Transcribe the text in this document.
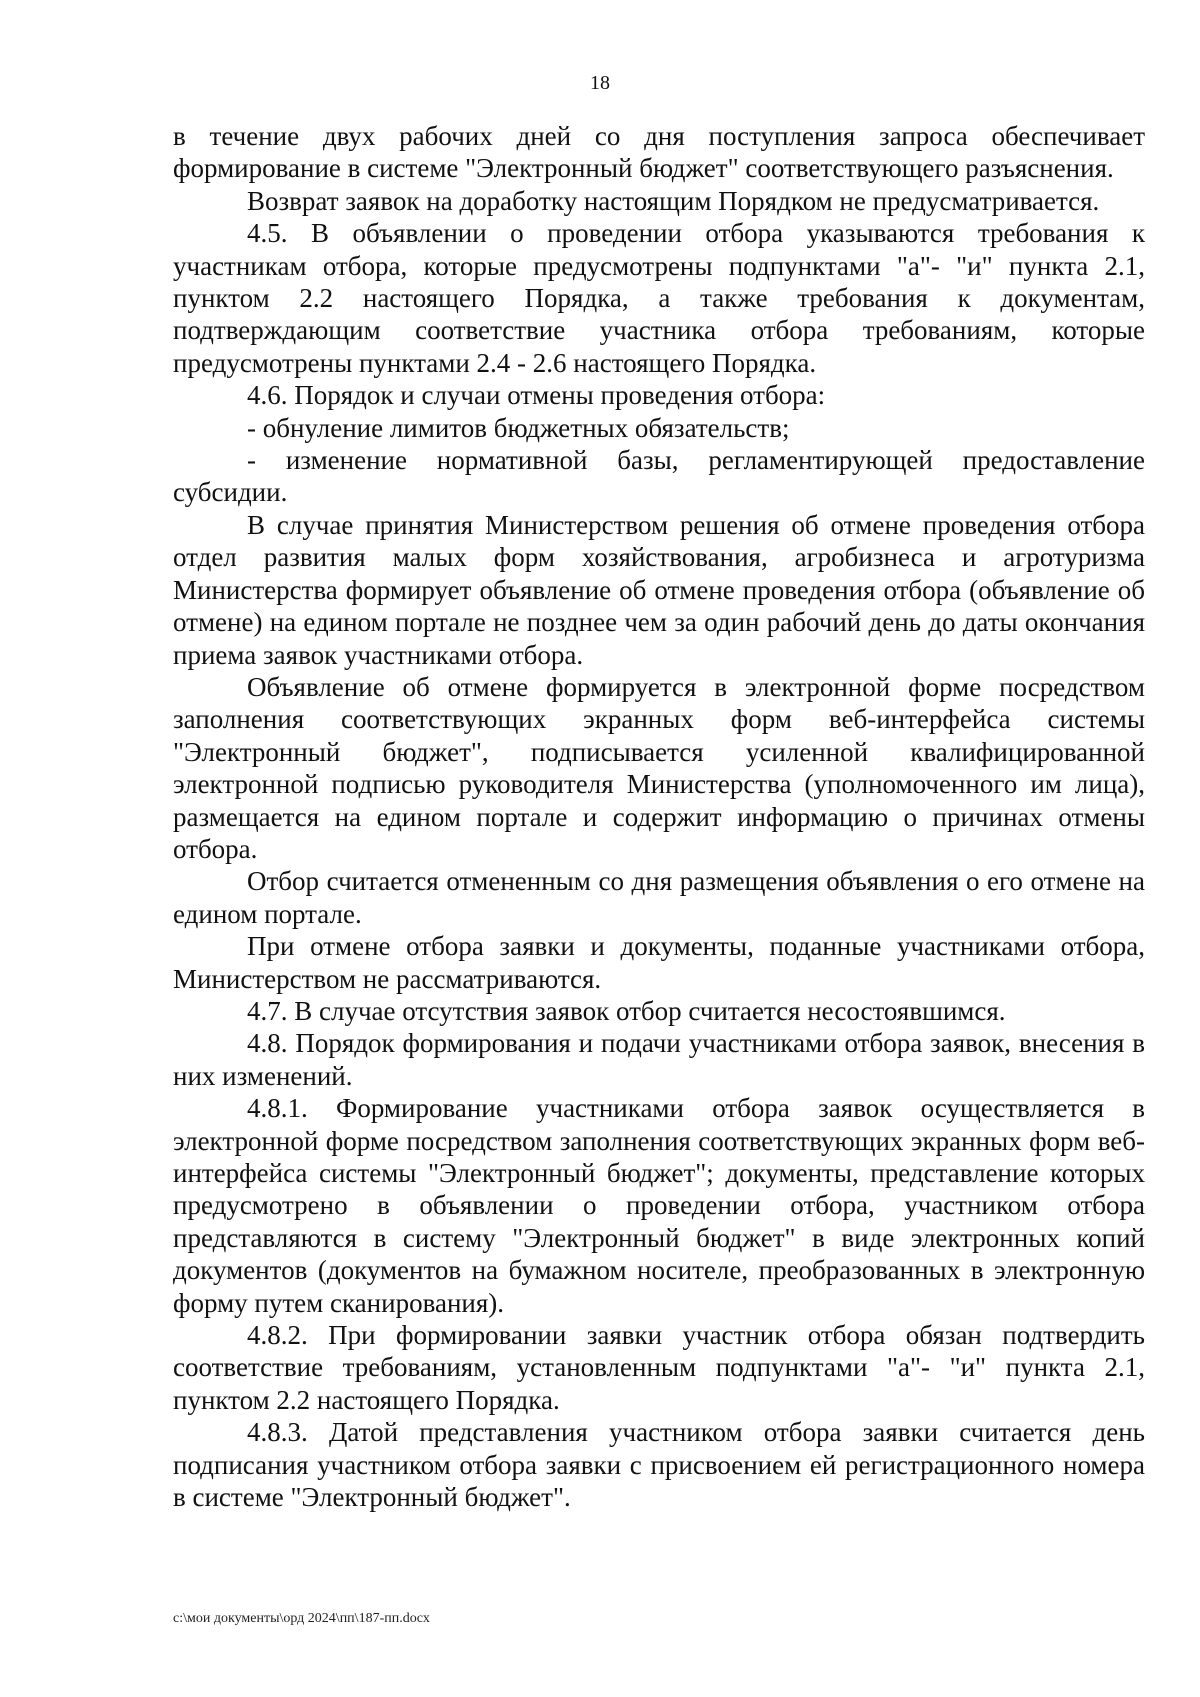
18

в течение двух рабочих дней со дня поступления запроса обеспечивает формирование в системе "Электронный бюджет" соответствующего разъяснения.

Возврат заявок на доработку настоящим Порядком не предусматривается.

4.5. В объявлении о проведении отбора указываются требования к участникам отбора, которые предусмотрены подпунктами "а"- "и" пункта 2.1, пунктом 2.2 настоящего Порядка, а также требования к документам, подтверждающим соответствие участника отбора требованиям, которые предусмотрены пунктами 2.4 - 2.6 настоящего Порядка.

4.6. Порядок и случаи отмены проведения отбора:

- обнуление лимитов бюджетных обязательств;

- изменение нормативной базы, регламентирующей предоставление субсидии.

В случае принятия Министерством решения об отмене проведения отбора отдел развития малых форм хозяйствования, агробизнеса и агротуризма Министерства формирует объявление об отмене проведения отбора (объявление об отмене) на едином портале не позднее чем за один рабочий день до даты окончания приема заявок участниками отбора.

Объявление об отмене формируется в электронной форме посредством заполнения соответствующих экранных форм веб-интерфейса системы "Электронный бюджет", подписывается усиленной квалифицированной электронной подписью руководителя Министерства (уполномоченного им лица), размещается на едином портале и содержит информацию о причинах отмены отбора.

Отбор считается отмененным со дня размещения объявления о его отмене на едином портале.

При отмене отбора заявки и документы, поданные участниками отбора, Министерством не рассматриваются.

4.7. В случае отсутствия заявок отбор считается несостоявшимся.

4.8. Порядок формирования и подачи участниками отбора заявок, внесения в них изменений.

4.8.1. Формирование участниками отбора заявок осуществляется в электронной форме посредством заполнения соответствующих экранных форм веб-интерфейса системы "Электронный бюджет"; документы, представление которых предусмотрено в объявлении о проведении отбора, участником отбора представляются в систему "Электронный бюджет" в виде электронных копий документов (документов на бумажном носителе, преобразованных в электронную форму путем сканирования).

4.8.2. При формировании заявки участник отбора обязан подтвердить соответствие требованиям, установленным подпунктами "а"- "и" пункта 2.1, пунктом 2.2 настоящего Порядка.

4.8.3. Датой представления участником отбора заявки считается день подписания участником отбора заявки с присвоением ей регистрационного номера в системе "Электронный бюджет".

c:\мои документы\орд 2024\пп\187-пп.docx
